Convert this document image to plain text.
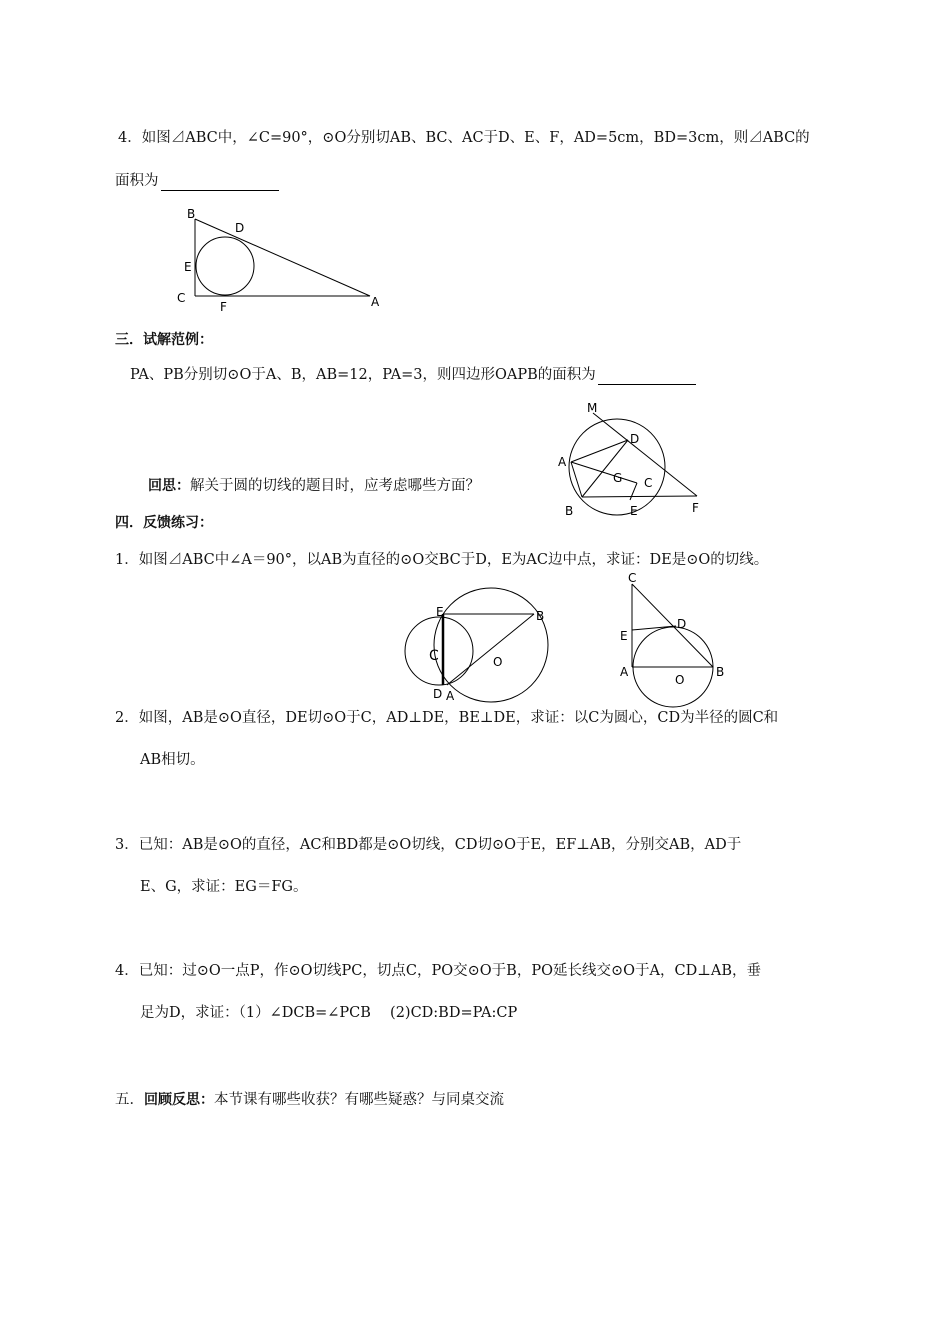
4．如图⊿ABC中，∠C=90°，⊙O分别切AB、BC、AC于D、E、F，AD=5cm，BD=3cm，则⊿ABC的
面积为
B
D
E
C
F	A
三．试解范例：
PA、PB分别切⊙O于A、B，AB=12，PA=3，则四边形OAPB的面积为
M
D
A
G C
B	E	F
回思：解关于圆的切线的题目时，应考虑哪些方面？
四．反馈练习：
1．如图⊿ABC中∠A＝90°，以AB为直径的⊙O交BC于D，E为AC边中点，求证：DE是⊙O的切线。
E	B
C	O
D A
C
E
D
A
O
B
2．如图，AB是⊙O直径，DE切⊙O于C，AD⊥DE，BE⊥DE，求证：以C为圆心，CD为半径的圆C和
AB相切。
3．已知：AB是⊙O的直径，AC和BD都是⊙O切线，CD切⊙O于E，EF⊥AB，分别交AB，AD于
E、G，求证：EG＝FG。
4．已知：过⊙O一点P，作⊙O切线PC，切点C，PO交⊙O于B，PO延长线交⊙O于A，CD⊥AB，垂
足为D，求证：（1）∠DCB=∠PCB　 (2)CD:BD=PA:CP
五．回顾反思：本节课有哪些收获？有哪些疑惑？与同桌交流
